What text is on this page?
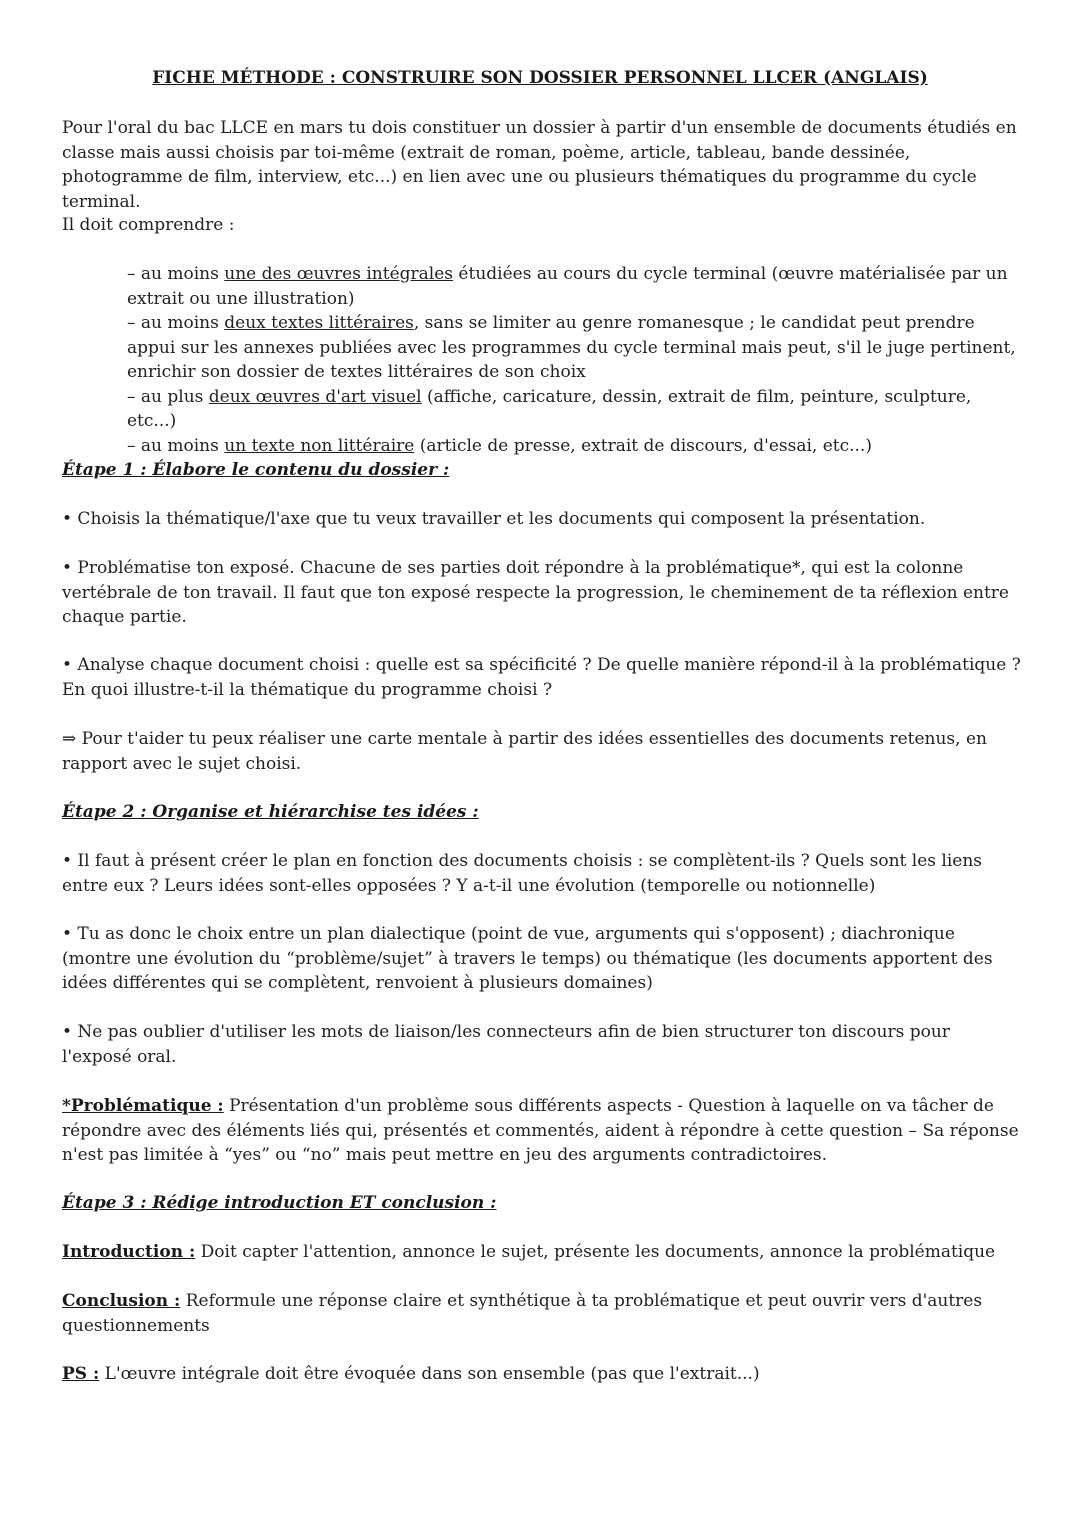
FICHE MÉTHODE : CONSTRUIRE SON DOSSIER PERSONNEL LLCER (ANGLAIS)

Pour l'oral du bac LLCE en mars tu dois constituer un dossier à partir d'un ensemble de documents étudiés en classe mais aussi choisis par toi-même (extrait de roman, poème, article, tableau, bande dessinée, photogramme de film, interview, etc...) en lien avec une ou plusieurs thématiques du programme du cycle terminal.

Il doit comprendre :

– au moins une des œuvres intégrales étudiées au cours du cycle terminal (œuvre matérialisée par un extrait ou une illustration)
– au moins deux textes littéraires, sans se limiter au genre romanesque ; le candidat peut prendre appui sur les annexes publiées avec les programmes du cycle terminal mais peut, s'il le juge pertinent, enrichir son dossier de textes littéraires de son choix
– au plus deux œuvres d'art visuel (affiche, caricature, dessin, extrait de film, peinture, sculpture, etc...)
– au moins un texte non littéraire (article de presse, extrait de discours, d'essai, etc...)

Étape 1 : Élabore le contenu du dossier :

• Choisis la thématique/l'axe que tu veux travailler et les documents qui composent la présentation.

• Problématise ton exposé. Chacune de ses parties doit répondre à la problématique*, qui est la colonne vertébrale de ton travail. Il faut que ton exposé respecte la progression, le cheminement de ta réflexion entre chaque partie.

• Analyse chaque document choisi : quelle est sa spécificité ? De quelle manière répond-il à la problématique ? En quoi illustre-t-il la thématique du programme choisi ?

⇒ Pour t'aider tu peux réaliser une carte mentale à partir des idées essentielles des documents retenus, en rapport avec le sujet choisi.

Étape 2 : Organise et hiérarchise tes idées :

• Il faut à présent créer le plan en fonction des documents choisis : se complètent-ils ? Quels sont les liens entre eux ? Leurs idées sont-elles opposées ? Y a-t-il une évolution (temporelle ou notionnelle)

• Tu as donc le choix entre un plan dialectique (point de vue, arguments qui s'opposent) ; diachronique (montre une évolution du “problème/sujet” à travers le temps) ou thématique (les documents apportent des idées différentes qui se complètent, renvoient à plusieurs domaines)

• Ne pas oublier d'utiliser les mots de liaison/les connecteurs afin de bien structurer ton discours pour l'exposé oral.

*Problématique : Présentation d'un problème sous différents aspects - Question à laquelle on va tâcher de répondre avec des éléments liés qui, présentés et commentés, aident à répondre à cette question – Sa réponse n'est pas limitée à “yes” ou “no” mais peut mettre en jeu des arguments contradictoires.

Étape 3 : Rédige introduction ET conclusion :

Introduction : Doit capter l'attention, annonce le sujet, présente les documents, annonce la problématique

Conclusion : Reformule une réponse claire et synthétique à ta problématique et peut ouvrir vers d'autres questionnements

PS : L'œuvre intégrale doit être évoquée dans son ensemble (pas que l'extrait...)
